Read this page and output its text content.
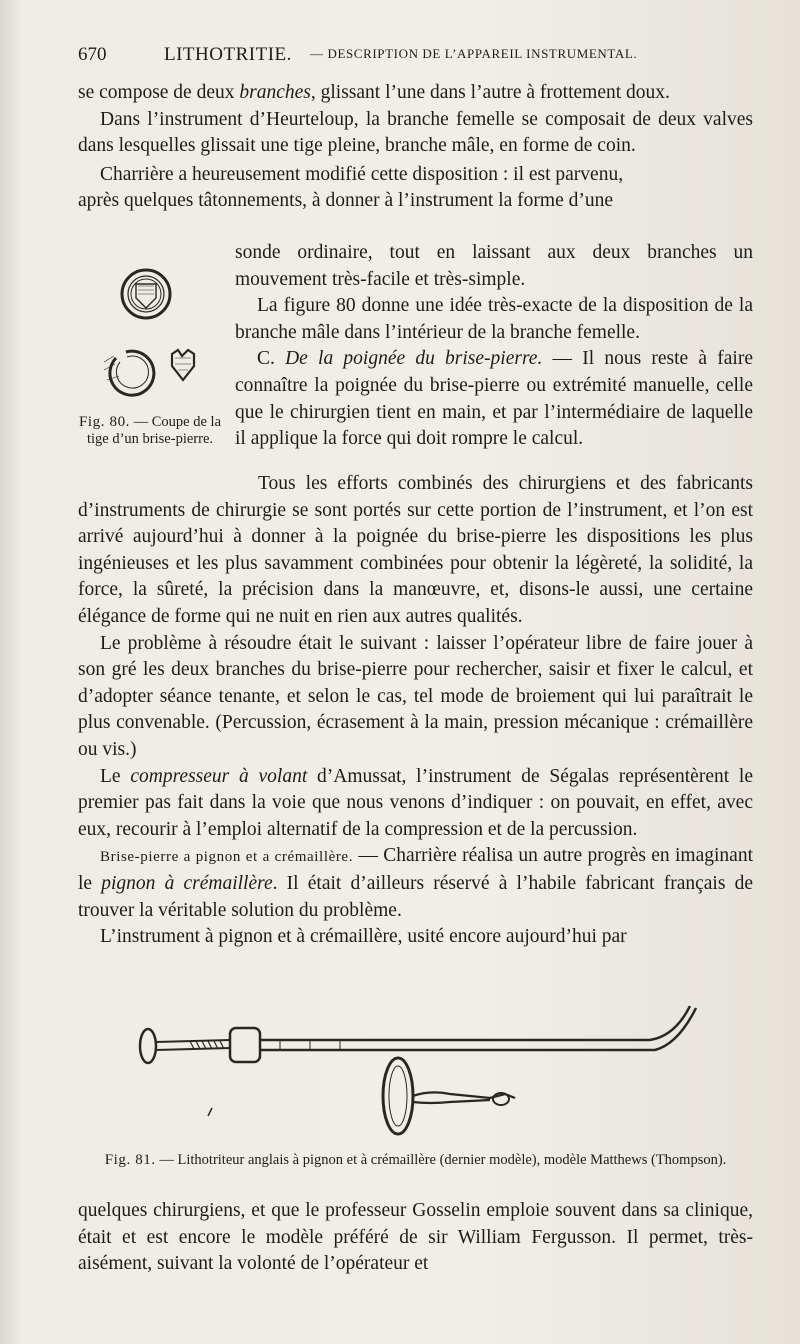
670	LITHOTRITIE. — DESCRIPTION DE L’APPAREIL INSTRUMENTAL.

se compose de deux branches, glissant l’une dans l’autre à frottement doux.

Dans l’instrument d’Heurteloup, la branche femelle se composait de deux valves dans lesquelles glissait une tige pleine, branche mâle, en forme de coin.

Charrière a heureusement modifié cette disposition : il est parvenu,

après quelques tâtonnements, à donner à l’instrument la forme d’une

sonde ordinaire, tout en laissant aux deux branches un mouvement très-facile et très-simple.

La figure 80 donne une idée très-exacte de la disposition de la branche mâle dans l’intérieur de la branche femelle.

C. De la poignée du brise-pierre. — Il nous reste à faire connaître la poignée du brise-pierre ou extrémité manuelle, celle que le chirurgien tient en main, et par l’intermédiaire de laquelle il applique la force qui doit rompre le calcul.

Fig. 80. — Coupe de la tige d’un brise-pierre.

Tous les efforts combinés des chirurgiens et des fabricants d’instruments de chirurgie se sont portés sur cette portion de l’instrument, et l’on est arrivé aujourd’hui à donner à la poignée du brise-pierre les dispositions les plus ingénieuses et les plus savamment combinées pour obtenir la légèreté, la solidité, la force, la sûreté, la précision dans la manœuvre, et, disons-le aussi, une certaine élégance de forme qui ne nuit en rien aux autres qualités.

Le problème à résoudre était le suivant : laisser l’opérateur libre de faire jouer à son gré les deux branches du brise-pierre pour rechercher, saisir et fixer le calcul, et d’adopter séance tenante, et selon le cas, tel mode de broiement qui lui paraîtrait le plus convenable. (Percussion, écrasement à la main, pression mécanique : crémaillère ou vis.)

Le compresseur à volant d’Amussat, l’instrument de Ségalas représentèrent le premier pas fait dans la voie que nous venons d’indiquer : on pouvait, en effet, avec eux, recourir à l’emploi alternatif de la compression et de la percussion.

Brise-pierre a pignon et a crémaillère. — Charrière réalisa un autre progrès en imaginant le pignon à crémaillère. Il était d’ailleurs réservé à l’habile fabricant français de trouver la véritable solution du problème.

L’instrument à pignon et à crémaillère, usité encore aujourd’hui par

Fig. 81. — Lithotriteur anglais à pignon et à crémaillère (dernier modèle), modèle Matthews (Thompson).

quelques chirurgiens, et que le professeur Gosselin emploie souvent dans sa clinique, était et est encore le modèle préféré de sir William Fergusson. Il permet, très-aisément, suivant la volonté de l’opérateur et
